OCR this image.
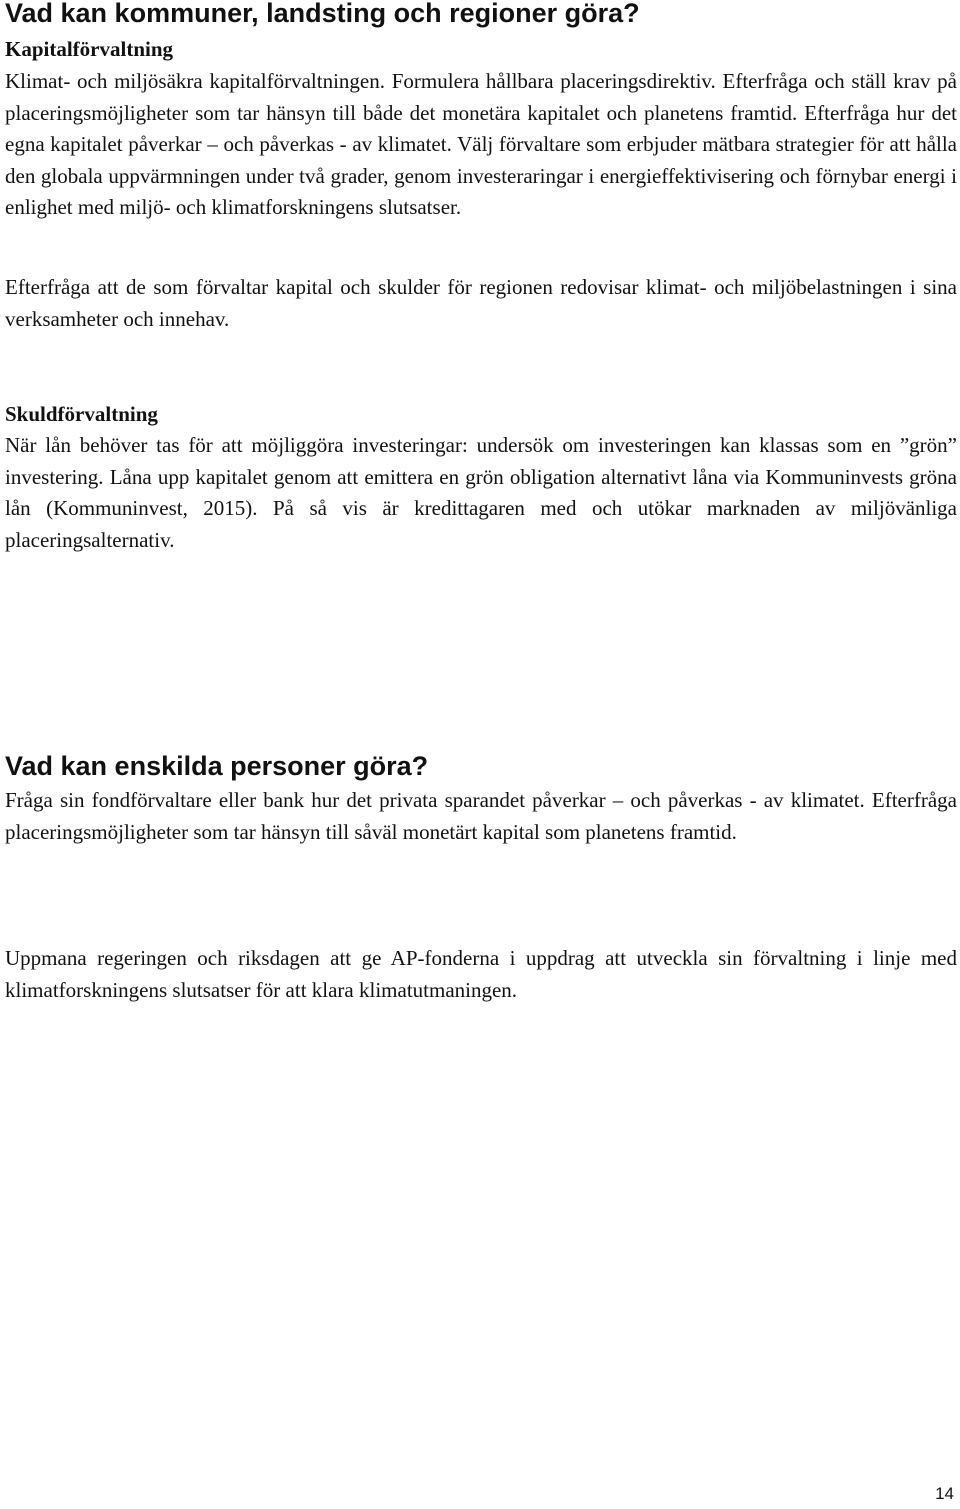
Vad kan kommuner, landsting och regioner göra?
Kapitalförvaltning

Klimat- och miljösäkra kapitalförvaltningen. Formulera hållbara placeringsdirektiv. Efterfråga och ställ krav på placeringsmöjligheter som tar hänsyn till både det monetära kapitalet och planetens framtid. Efterfråga hur det egna kapitalet påverkar – och påverkas - av klimatet. Välj förvaltare som erbjuder mätbara strategier för att hålla den globala uppvärmningen under två grader, genom investeraringar i energieffektivisering och förnybar energi i enlighet med miljö- och klimatforskningens slutsatser.

Efterfråga att de som förvaltar kapital och skulder för regionen redovisar klimat- och miljöbelastningen i sina verksamheter och innehav.

Skuldförvaltning

När lån behöver tas för att möjliggöra investeringar: undersök om investeringen kan klassas som en ”grön” investering. Låna upp kapitalet genom att emittera en grön obligation alternativt låna via Kommuninvests gröna lån (Kommuninvest, 2015). På så vis är kredittagaren med och utökar marknaden av miljövänliga placeringsalternativ.

Vad kan enskilda personer göra?

Fråga sin fondförvaltare eller bank hur det privata sparandet påverkar – och påverkas - av klimatet. Efterfråga placeringsmöjligheter som tar hänsyn till såväl monetärt kapital som planetens framtid.

Uppmana regeringen och riksdagen att ge AP-fonderna i uppdrag att utveckla sin förvaltning i linje med klimatforskningens slutsatser för att klara klimatutmaningen.

14
